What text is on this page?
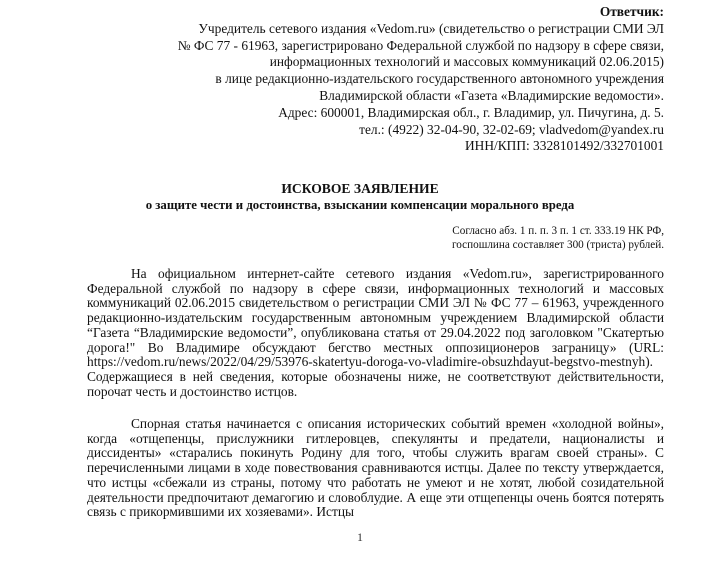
Ответчик:
Учредитель сетевого издания «Vedom.ru» (свидетельство о регистрации СМИ ЭЛ
№ ФС 77 - 61963, зарегистрировано Федеральной службой по надзору в сфере связи,
информационных технологий и массовых коммуникаций 02.06.2015)
в лице редакционно-издательского государственного автономного учреждения
Владимирской области «Газета «Владимирские ведомости».
Адрес: 600001, Владимирская обл., г. Владимир, ул. Пичугина, д. 5.
тел.: (4922) 32-04-90, 32-02-69; vladvedom@yandex.ru
ИНН/КПП: 3328101492/332701001
ИСКОВОЕ ЗАЯВЛЕНИЕ
о защите чести и достоинства, взыскании компенсации морального вреда
Согласно абз. 1 п. п. 3 п. 1 ст. 333.19 НК РФ,
госпошлина составляет 300 (триста) рублей.
На официальном интернет-сайте сетевого издания «Vedom.ru», зарегистрированного Федеральной службой по надзору в сфере связи, информационных технологий и массовых коммуникаций 02.06.2015 свидетельством о регистрации СМИ ЭЛ № ФС 77 – 61963, учрежденного редакционно-издательским государственным автономным учреждением Владимирской области “Газета “Владимирские ведомости”, опубликована статья от 29.04.2022 под заголовком "Скатертью дорога!" Во Владимире обсуждают бегство местных оппозиционеров заграницу» (URL: https://vedom.ru/news/2022/04/29/53976-skatertyu-doroga-vo-vladimire-obsuzhdayut-begstvo-mestnyh). Содержащиеся в ней сведения, которые обозначены ниже, не соответствуют действительности, порочат честь и достоинство истцов.
Спорная статья начинается с описания исторических событий времен «холодной войны», когда «отщепенцы, прислужники гитлеровцев, спекулянты и предатели, националисты и диссиденты» «старались покинуть Родину для того, чтобы служить врагам своей страны». С перечисленными лицами в ходе повествования сравниваются истцы. Далее по тексту утверждается, что истцы «сбежали из страны, потому что работать не умеют и не хотят, любой созидательной деятельности предпочитают демагогию и словоблудие. А еще эти отщепенцы очень боятся потерять связь с прикормившими их хозяевами». Истцы
1
